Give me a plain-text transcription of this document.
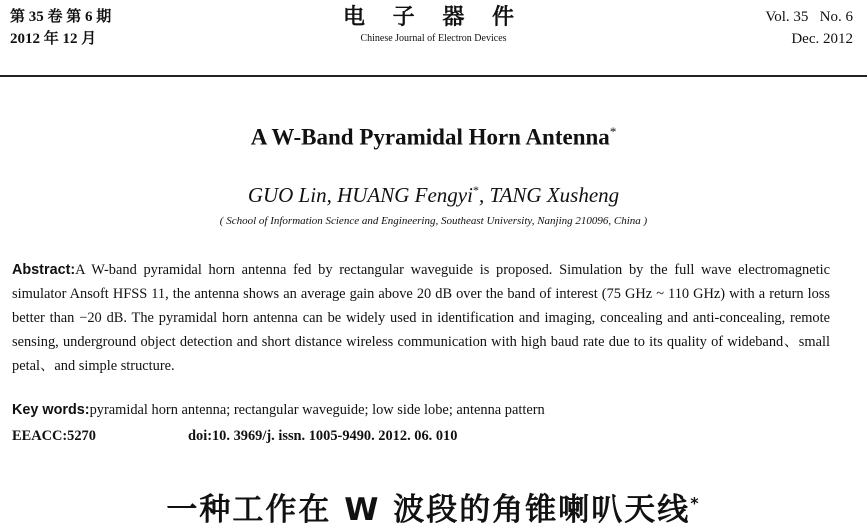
第 35 卷 第 6 期
2012 年 12 月
电 子 器 件
Chinese Journal of Electron Devices
Vol. 35   No. 6
Dec. 2012
A W-Band Pyramidal Horn Antenna*
GUO Lin, HUANG Fengyi*, TANG Xusheng
( School of Information Science and Engineering, Southeast University, Nanjing 210096, China )
Abstract:A W-band pyramidal horn antenna fed by rectangular waveguide is proposed. Simulation by the full wave electromagnetic simulator Ansoft HFSS 11, the antenna shows an average gain above 20 dB over the band of interest (75 GHz ~ 110 GHz) with a return loss better than −20 dB. The pyramidal horn antenna can be widely used in identification and imaging, concealing and anti-concealing, remote sensing, underground object detection and short distance wireless communication with high baud rate due to its quality of wideband、small petal、and simple structure.
Key words:pyramidal horn antenna; rectangular waveguide; low side lobe; antenna pattern
EEACC:5270	doi:10. 3969/j. issn. 1005-9490. 2012. 06. 010
一种工作在 W 波段的角锥喇叭天线*
